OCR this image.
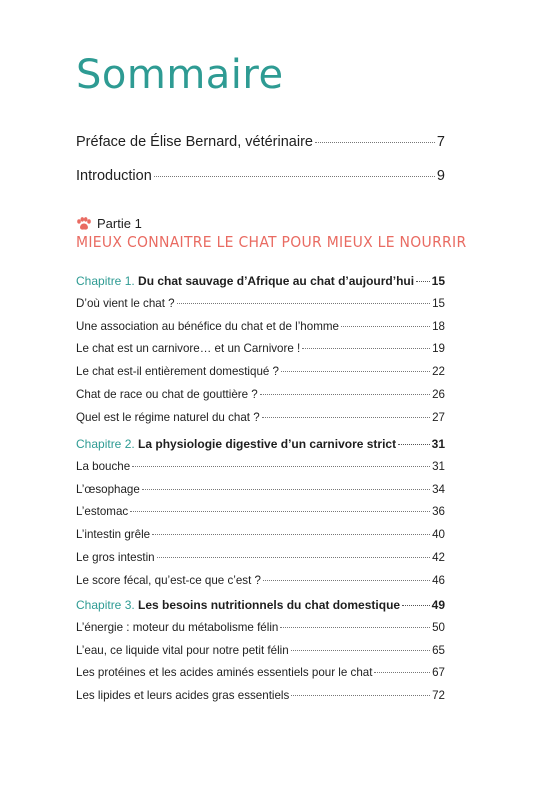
Sommaire
Préface de Élise Bernard, vétérinaire	7
Introduction	9
Partie 1
MIEUX CONNAITRE LE CHAT POUR MIEUX LE NOURRIR
Chapitre 1. Du chat sauvage d’Afrique au chat d’aujourd’hui 15
D’où vient le chat ?	15
Une association au bénéfice du chat et de l’homme	18
Le chat est un carnivore… et un Carnivore !	19
Le chat est-il entièrement domestiqué ?	22
Chat de race ou chat de gouttière ?	26
Quel est le régime naturel du chat ?	27
Chapitre 2. La physiologie digestive d’un carnivore strict	31
La bouche	31
L’œsophage	34
L’estomac	36
L’intestin grêle	40
Le gros intestin	42
Le score fécal, qu’est-ce que c’est ?	46
Chapitre 3. Les besoins nutritionnels du chat domestique	49
L’énergie : moteur du métabolisme félin	50
L’eau, ce liquide vital pour notre petit félin	65
Les protéines et les acides aminés essentiels pour le chat	67
Les lipides et leurs acides gras essentiels	72
